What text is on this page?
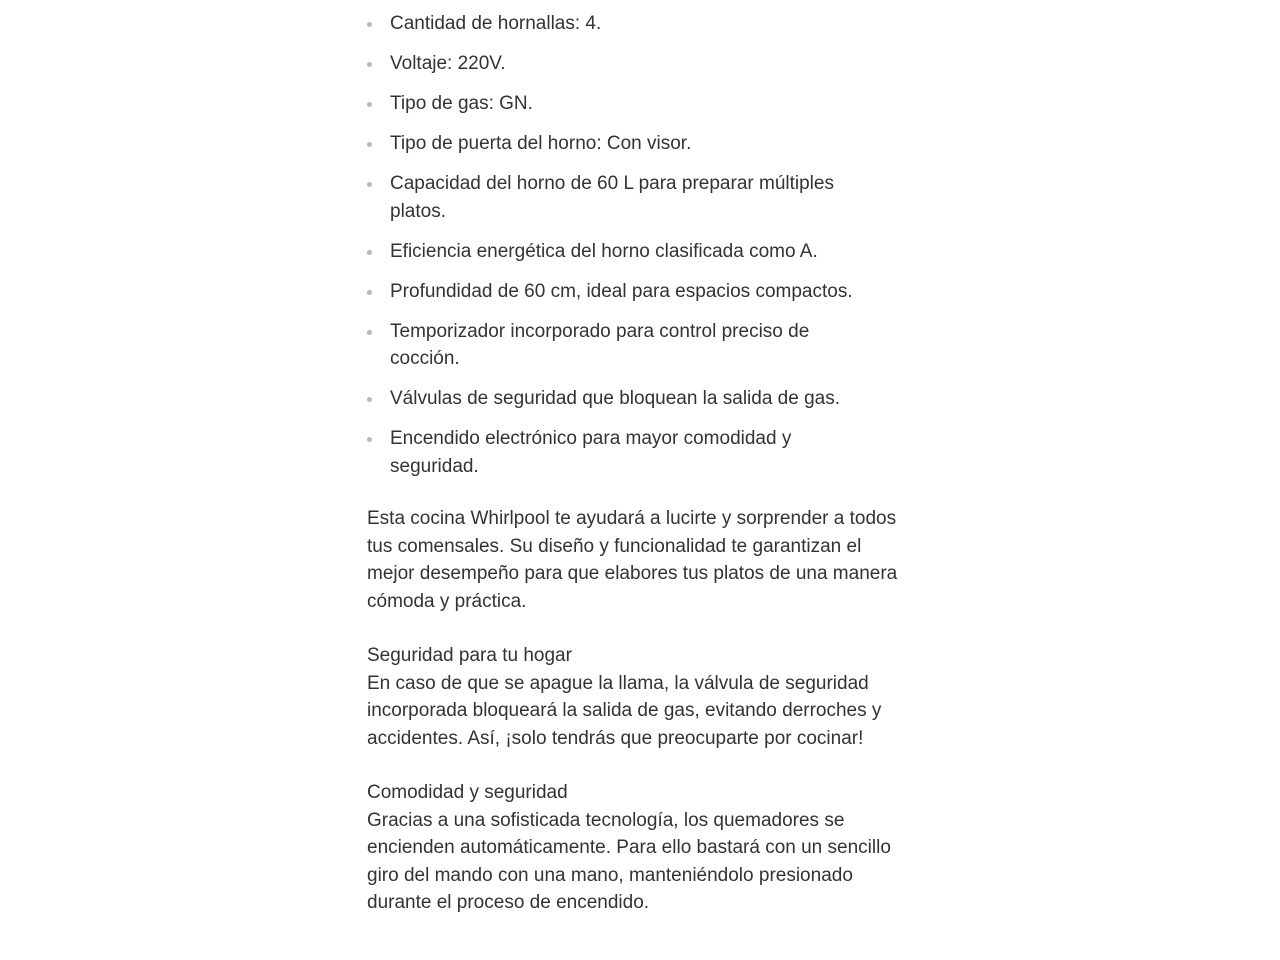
Cantidad de hornallas: 4.
Voltaje: 220V.
Tipo de gas: GN.
Tipo de puerta del horno: Con visor.
Capacidad del horno de 60 L para preparar múltiples platos.
Eficiencia energética del horno clasificada como A.
Profundidad de 60 cm, ideal para espacios compactos.
Temporizador incorporado para control preciso de cocción.
Válvulas de seguridad que bloquean la salida de gas.
Encendido electrónico para mayor comodidad y seguridad.

Esta cocina Whirlpool te ayudará a lucirte y sorprender a todos tus comensales. Su diseño y funcionalidad te garantizan el mejor desempeño para que elabores tus platos de una manera cómoda y práctica.

Seguridad para tu hogar

En caso de que se apague la llama, la válvula de seguridad incorporada bloqueará la salida de gas, evitando derroches y accidentes. Así, ¡solo tendrás que preocuparte por cocinar!

Comodidad y seguridad

Gracias a una sofisticada tecnología, los quemadores se encienden automáticamente. Para ello bastará con un sencillo giro del mando con una mano, manteniéndolo presionado durante el proceso de encendido.
